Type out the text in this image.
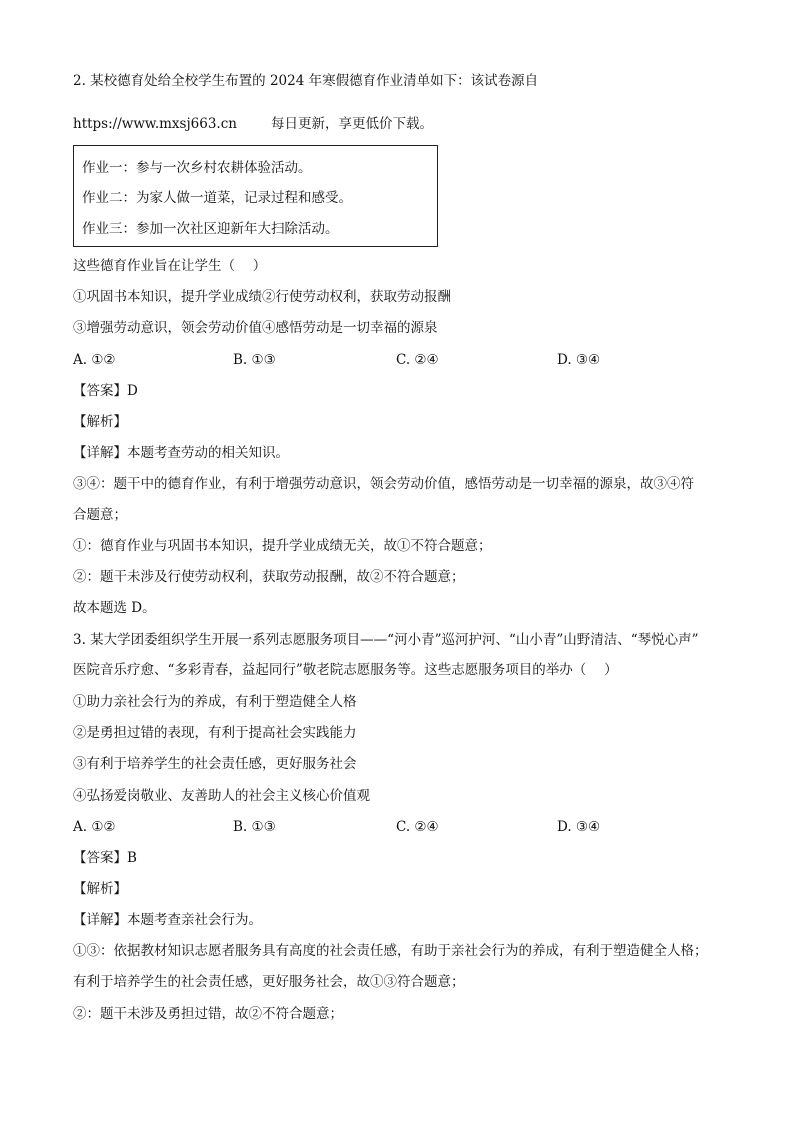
2. 某校德育处给全校学生布置的 2024 年寒假德育作业清单如下：该试卷源自
https://www.mxsj663.cn	每日更新，享更低价下载。
作业一：参与一次乡村农耕体验活动。
作业二：为家人做一道菜，记录过程和感受。
作业三：参加一次社区迎新年大扫除活动。
这些德育作业旨在让学生（　 ）
①巩固书本知识，提升学业成绩②行使劳动权利，获取劳动报酬
③增强劳动意识，领会劳动价值④感悟劳动是一切幸福的源泉
A. ①②	B. ①③	C. ②④	D. ③④
【答案】D
【解析】
【详解】本题考查劳动的相关知识。
③④：题干中的德育作业，有利于增强劳动意识，领会劳动价值，感悟劳动是一切幸福的源泉，故③④符
合题意；
①：德育作业与巩固书本知识，提升学业成绩无关，故①不符合题意；
②：题干未涉及行使劳动权利，获取劳动报酬，故②不符合题意；
故本题选 D。
3. 某大学团委组织学生开展一系列志愿服务项目——“河小青”巡河护河、“山小青”山野清洁、“琴悦心声”
医院音乐疗愈、“多彩青春，益起同行”敬老院志愿服务等。这些志愿服务项目的举办（　 ）
①助力亲社会行为的养成，有利于塑造健全人格
②是勇担过错的表现，有利于提高社会实践能力
③有利于培养学生的社会责任感，更好服务社会
④弘扬爱岗敬业、友善助人的社会主义核心价值观
A. ①②	B. ①③	C. ②④	D. ③④
【答案】B
【解析】
【详解】本题考查亲社会行为。
①③：依据教材知识志愿者服务具有高度的社会责任感，有助于亲社会行为的养成，有利于塑造健全人格；
有利于培养学生的社会责任感，更好服务社会，故①③符合题意；
②：题干未涉及勇担过错，故②不符合题意；
